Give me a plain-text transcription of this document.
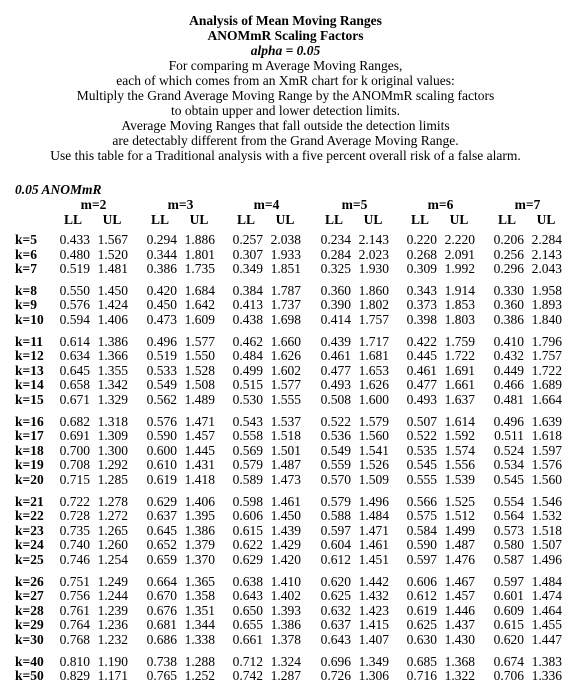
Analysis of Mean Moving Ranges
ANOMmR Scaling Factors
alpha = 0.05
For comparing m Average Moving Ranges,
each of which comes from an XmR chart for k original values:
Multiply the Grand Average Moving Range by the ANOMmR scaling factors
to obtain upper and lower detection limits.
Average Moving Ranges that fall outside the detection limits
are detectably different from the Grand Average Moving Range.
Use this table for a Traditional analysis with a five percent overall risk of a false alarm.
0.05 ANOMmR
m=2
LL UL
m=3
LL UL
m=4
LL UL
m=5
LL UL
m=6
LL UL
m=7
LL UL
k=5 0.433 1.567 0.294 1.886 0.257 2.038 0.234 2.143 0.220 2.220 0.206 2.284
k=6 0.480 1.520 0.344 1.801 0.307 1.933 0.284 2.023 0.268 2.091 0.256 2.143
k=7 0.519 1.481 0.386 1.735 0.349 1.851 0.325 1.930 0.309 1.992 0.296 2.043
k=8 0.550 1.450 0.420 1.684 0.384 1.787 0.360 1.860 0.343 1.914 0.330 1.958
k=9 0.576 1.424 0.450 1.642 0.413 1.737 0.390 1.802 0.373 1.853 0.360 1.893
k=10 0.594 1.406 0.473 1.609 0.438 1.698 0.414 1.757 0.398 1.803 0.386 1.840
k=11 0.614 1.386 0.496 1.577 0.462 1.660 0.439 1.717 0.422 1.759 0.410 1.796
k=12 0.634 1.366 0.519 1.550 0.484 1.626 0.461 1.681 0.445 1.722 0.432 1.757
k=13 0.645 1.355 0.533 1.528 0.499 1.602 0.477 1.653 0.461 1.691 0.449 1.722
k=14 0.658 1.342 0.549 1.508 0.515 1.577 0.493 1.626 0.477 1.661 0.466 1.689
k=15 0.671 1.329 0.562 1.489 0.530 1.555 0.508 1.600 0.493 1.637 0.481 1.664
k=16 0.682 1.318 0.576 1.471 0.543 1.537 0.522 1.579 0.507 1.614 0.496 1.639
k=17 0.691 1.309 0.590 1.457 0.558 1.518 0.536 1.560 0.522 1.592	0.511 1.618
k=18 0.700 1.300 0.600 1.445 0.569 1.501 0.549 1.541 0.535 1.574 0.524 1.597
k=19 0.708 1.292 0.610 1.431 0.579 1.487 0.559 1.526 0.545 1.556 0.534 1.576
k=20 0.715 1.285 0.619 1.418 0.589 1.473 0.570 1.509 0.555 1.539 0.545 1.560
k=21 0.722 1.278 0.629 1.406 0.598 1.461 0.579 1.496 0.566 1.525 0.554 1.546
k=22 0.728 1.272 0.637 1.395 0.606 1.450 0.588 1.484 0.575 1.512 0.564 1.532
k=23 0.735 1.265 0.645 1.386 0.615 1.439 0.597 1.471 0.584 1.499 0.573 1.518
k=24 0.740 1.260 0.652 1.379 0.622 1.429 0.604 1.461 0.590 1.487 0.580 1.507
k=25 0.746 1.254 0.659 1.370 0.629 1.420 0.612 1.451 0.597 1.476 0.587 1.496
k=26 0.751 1.249 0.664 1.365 0.638 1.410 0.620 1.442 0.606 1.467 0.597 1.484
k=27 0.756 1.244 0.670 1.358 0.643 1.402 0.625 1.432 0.612 1.457 0.601 1.474
k=28 0.761 1.239 0.676 1.351 0.650 1.393 0.632 1.423 0.619 1.446 0.609 1.464
k=29 0.764 1.236 0.681 1.344 0.655 1.386 0.637 1.415 0.625 1.437 0.615 1.455
k=30 0.768 1.232 0.686 1.338 0.661 1.378 0.643 1.407 0.630 1.430 0.620 1.447
k=40 0.810 1.190 0.738 1.288 0.712 1.324 0.696 1.349 0.685 1.368 0.674 1.383
k=50 0.829 1.171 0.765 1.252 0.742 1.287 0.726 1.306 0.716 1.322 0.706 1.336
